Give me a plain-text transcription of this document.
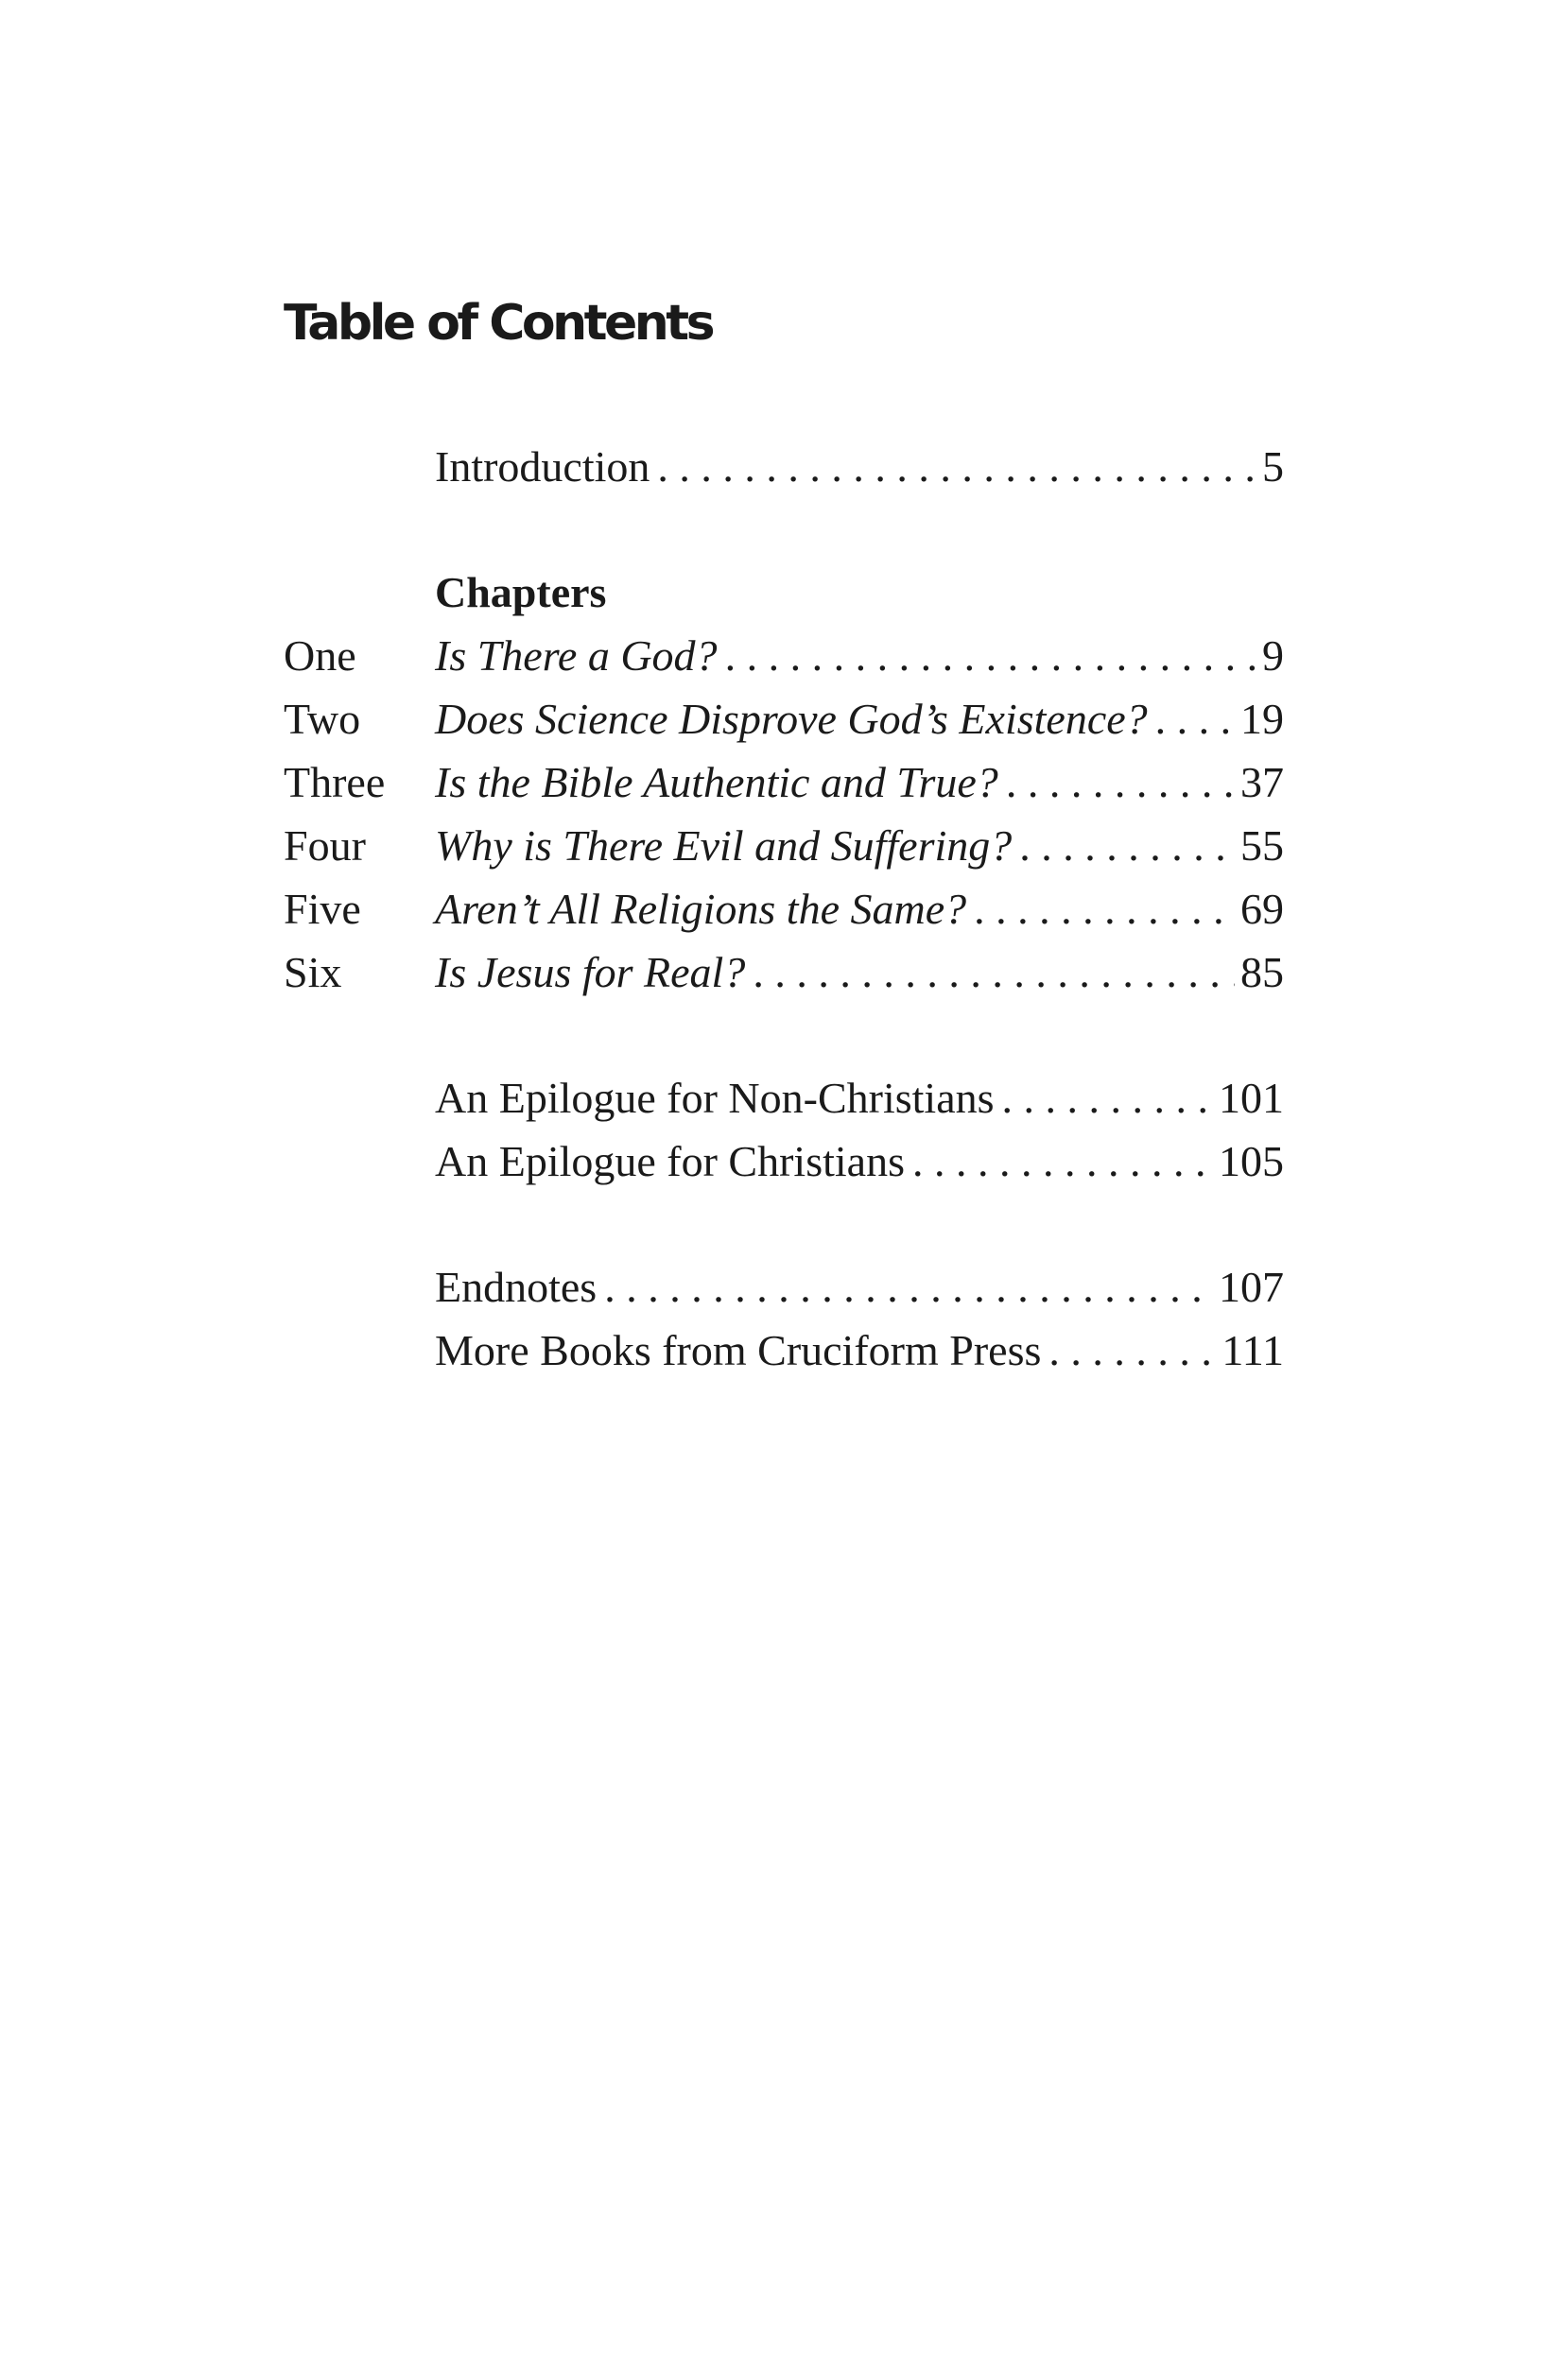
Table of Contents
Introduction . . .	5
Chapters
One	Is There a God? . . .	9
Two	Does Science Disprove God’s Existence? . . . 19
Three	Is the Bible Authentic and True? . . .	37
Four	Why is There Evil and Suffering? . . .	55
Five	Aren’t All Religions the Same? . . .	69
Six	Is Jesus for Real? . . .	85
An Epilogue for Non-Christians . . .	101
An Epilogue for Christians . . .	105
Endnotes . . .	107
More Books from Cruciform Press . . .	111
